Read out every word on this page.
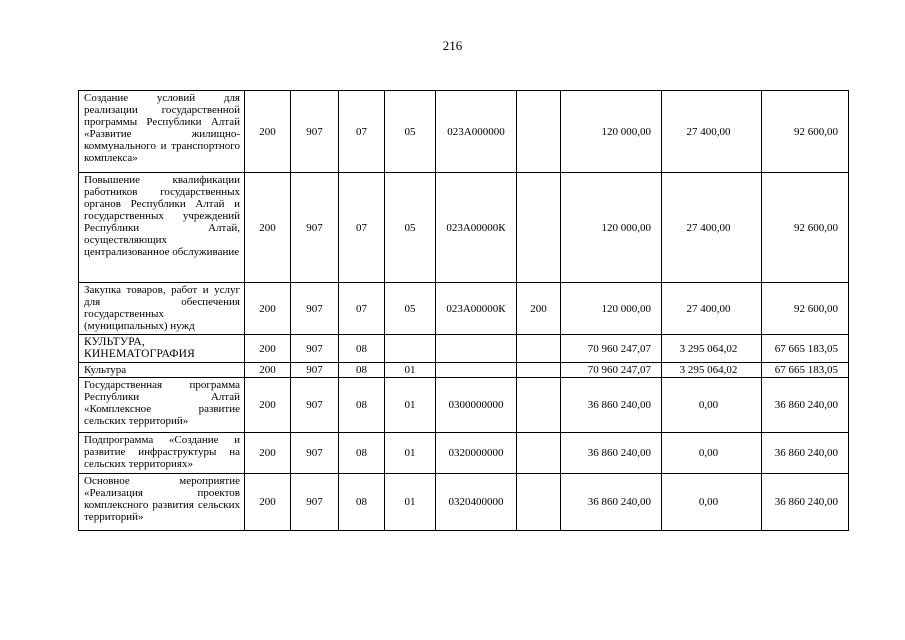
216
Создание условий для реализации государственной программы Республики Алтай «Развитие жилищно-коммунального и транспортного комплекса»	200	907	07	05	023А000000		120 000,00	27 400,00	92 600,00
Повышение квалификации работников государственных органов Республики Алтай и государственных учреждений Республики Алтай, осуществляющих централизованное обслуживание	200	907	07	05	023А00000К		120 000,00	27 400,00	92 600,00
Закупка товаров, работ и услуг для обеспечения государственных (муниципальных) нужд	200	907	07	05	023А00000К	200	120 000,00	27 400,00	92 600,00
КУЛЬТУРА, КИНЕМАТОГРАФИЯ	200	907	08				70 960 247,07	3 295 064,02	67 665 183,05
Культура	200	907	08	01			70 960 247,07	3 295 064,02	67 665 183,05
Государственная программа Республики Алтай «Комплексное развитие сельских территорий»	200	907	08	01	0300000000		36 860 240,00	0,00	36 860 240,00
Подпрограмма «Создание и развитие инфраструктуры на сельских территориях»	200	907	08	01	0320000000		36 860 240,00	0,00	36 860 240,00
Основное мероприятие «Реализация проектов комплексного развития сельских территорий»	200	907	08	01	0320400000		36 860 240,00	0,00	36 860 240,00
